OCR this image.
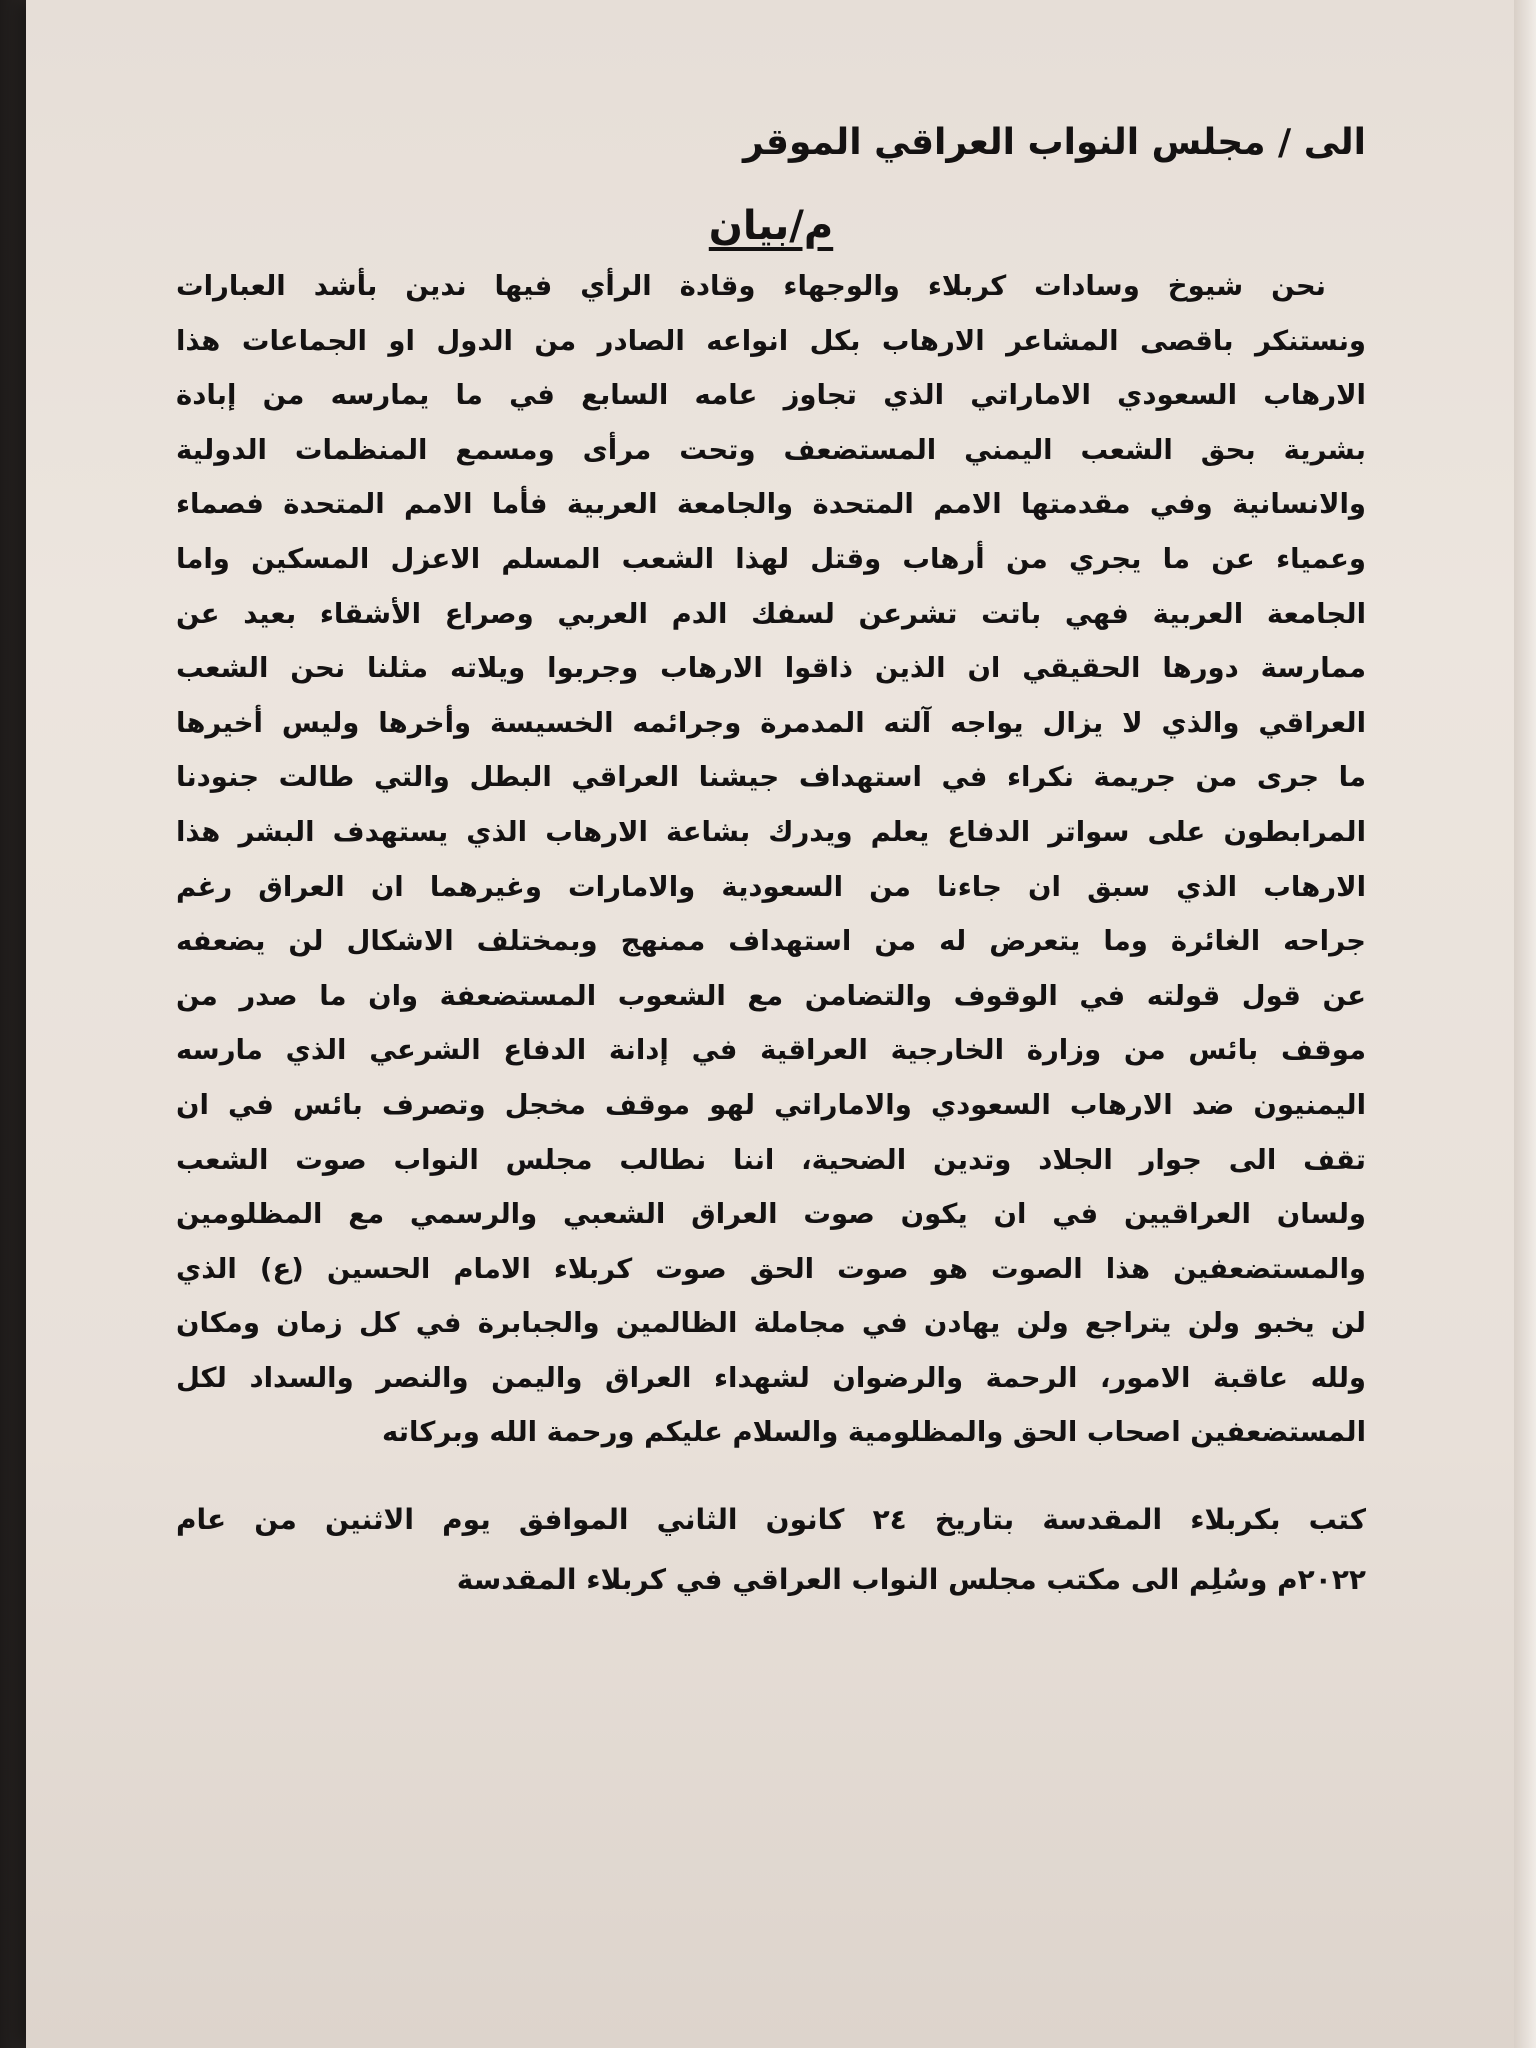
الى / مجلس النواب العراقي الموقر
م/بيان
نحن شيوخ وسادات كربلاء والوجهاء وقادة الرأي فيها ندين بأشد العبارات
ونستنكر باقصى المشاعر الارهاب بكل انواعه الصادر من الدول او الجماعات هذا
الارهاب السعودي الاماراتي الذي تجاوز عامه السابع في ما يمارسه من إبادة
بشرية بحق الشعب اليمني المستضعف وتحت مرأى ومسمع المنظمات الدولية
والانسانية وفي مقدمتها الامم المتحدة والجامعة العربية فأما الامم المتحدة فصماء
وعمياء عن ما يجري من أرهاب وقتل لهذا الشعب المسلم الاعزل المسكين واما
الجامعة العربية فهي باتت تشرعن لسفك الدم العربي وصراع الأشقاء بعيد عن
ممارسة دورها الحقيقي ان الذين ذاقوا الارهاب وجربوا ويلاته مثلنا نحن الشعب
العراقي والذي لا يزال يواجه آلته المدمرة وجرائمه الخسيسة وأخرها وليس أخيرها
ما جرى من جريمة نكراء في استهداف جيشنا العراقي البطل والتي طالت جنودنا
المرابطون على سواتر الدفاع يعلم ويدرك بشاعة الارهاب الذي يستهدف البشر هذا
الارهاب الذي سبق ان جاءنا من السعودية والامارات وغيرهما ان العراق رغم
جراحه الغائرة وما يتعرض له من استهداف ممنهج وبمختلف الاشكال لن يضعفه
عن قول قولته في الوقوف والتضامن مع الشعوب المستضعفة وان ما صدر من
موقف بائس من وزارة الخارجية العراقية في إدانة الدفاع الشرعي الذي مارسه
اليمنيون ضد الارهاب السعودي والاماراتي لهو موقف مخجل وتصرف بائس في ان
تقف الى جوار الجلاد وتدين الضحية، اننا نطالب مجلس النواب صوت الشعب
ولسان العراقيين في ان يكون صوت العراق الشعبي والرسمي مع المظلومين
والمستضعفين هذا الصوت هو صوت الحق صوت كربلاء الامام الحسين (ع) الذي
لن يخبو ولن يتراجع ولن يهادن في مجاملة الظالمين والجبابرة في كل زمان ومكان
ولله عاقبة الامور، الرحمة والرضوان لشهداء العراق واليمن والنصر والسداد لكل
المستضعفين اصحاب الحق والمظلومية والسلام عليكم ورحمة الله وبركاته
كتب بكربلاء المقدسة بتاريخ ٢٤ كانون الثاني الموافق يوم الاثنين من عام
٢٠٢٢م وسُلِم الى مكتب مجلس النواب العراقي في كربلاء المقدسة
